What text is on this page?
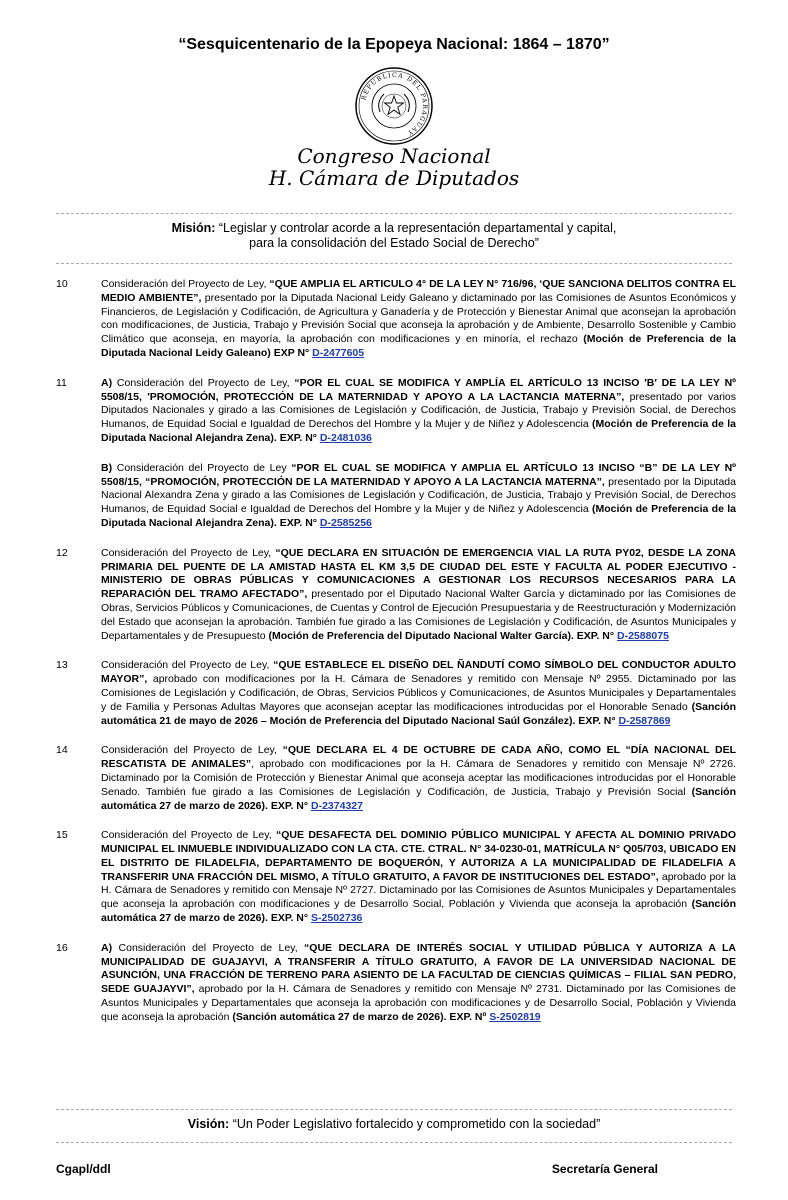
“Sesquicentenario de la Epopeya Nacional: 1864 – 1870”
REPUBLICA DEL PARAGUAY
Congreso Nacional
H. Cámara de Diputados
Misión: “Legislar y controlar acorde a la representación departamental y capital,
para la consolidación del Estado Social de Derecho”
10	Consideración del Proyecto de Ley, “QUE AMPLIA EL ARTICULO 4° DE LA LEY N° 716/96, ‘QUE SANCIONA DELITOS CONTRA EL MEDIO AMBIENTE”, presentado por la Diputada Nacional Leidy Galeano y dictaminado por las Comisiones de Asuntos Económicos y Financieros, de Legislación y Codificación, de Agricultura y Ganadería y de Protección y Bienestar Animal que aconsejan la aprobación con modificaciones, de Justicia, Trabajo y Previsión Social que aconseja la aprobación y de Ambiente, Desarrollo Sostenible y Cambio Climático que aconseja, en mayoría, la aprobación con modificaciones y en minoría, el rechazo (Moción de Preferencia de la Diputada Nacional Leidy Galeano) EXP N° D-2477605
11	A) Consideración del Proyecto de Ley, “POR EL CUAL SE MODIFICA Y AMPLÍA EL ARTÍCULO 13 INCISO ′B′ DE LA LEY Nº 5508/15, ′PROMOCIÓN, PROTECCIÓN DE LA MATERNIDAD Y APOYO A LA LACTANCIA MATERNA”, presentado por varios Diputados Nacionales y girado a las Comisiones de Legislación y Codificación, de Justicia, Trabajo y Previsión Social, de Derechos Humanos, de Equidad Social e Igualdad de Derechos del Hombre y la Mujer y de Niñez y Adolescencia (Moción de Preferencia de la Diputada Nacional Alejandra Zena). EXP. N° D-2481036
B) Consideración del Proyecto de Ley “POR EL CUAL SE MODIFICA Y AMPLIA EL ARTÍCULO 13 INCISO “B” DE LA LEY Nº 5508/15, “PROMOCIÓN, PROTECCIÓN DE LA MATERNIDAD Y APOYO A LA LACTANCIA MATERNA”, presentado por la Diputada Nacional Alexandra Zena y girado a las Comisiones de Legislación y Codificación, de Justicia, Trabajo y Previsión Social, de Derechos Humanos, de Equidad Social e Igualdad de Derechos del Hombre y la Mujer y de Niñez y Adolescencia (Moción de Preferencia de la Diputada Nacional Alejandra Zena). EXP. N° D-2585256
12	Consideración del Proyecto de Ley, “QUE DECLARA EN SITUACIÓN DE EMERGENCIA VIAL LA RUTA PY02, DESDE LA ZONA PRIMARIA DEL PUENTE DE LA AMISTAD HASTA EL KM 3,5 DE CIUDAD DEL ESTE Y FACULTA AL PODER EJECUTIVO - MINISTERIO DE OBRAS PÚBLICAS Y COMUNICACIONES A GESTIONAR LOS RECURSOS NECESARIOS PARA LA REPARACIÓN DEL TRAMO AFECTADO”, presentado por el Diputado Nacional Walter García y dictaminado por las Comisiones de Obras, Servicios Públicos y Comunicaciones, de Cuentas y Control de Ejecución Presupuestaria y de Reestructuración y Modernización del Estado que aconsejan la aprobación. También fue girado a las Comisiones de Legislación y Codificación, de Asuntos Municipales y Departamentales y de Presupuesto (Moción de Preferencia del Diputado Nacional Walter García). EXP. N° D-2588075
13	Consideración del Proyecto de Ley, “QUE ESTABLECE EL DISEÑO DEL ÑANDUTÍ COMO SÍMBOLO DEL CONDUCTOR ADULTO MAYOR”, aprobado con modificaciones por la H. Cámara de Senadores y remitido con Mensaje Nº 2955. Dictaminado por las Comisiones de Legislación y Codificación, de Obras, Servicios Públicos y Comunicaciones, de Asuntos Municipales y Departamentales y de Familia y Personas Adultas Mayores que aconsejan aceptar las modificaciones introducidas por el Honorable Senado (Sanción automática 21 de mayo de 2026 – Moción de Preferencia del Diputado Nacional Saúl González). EXP. N° D-2587869
14	Consideración del Proyecto de Ley, “QUE DECLARA EL 4 DE OCTUBRE DE CADA AÑO, COMO EL “DÍA NACIONAL DEL RESCATISTA DE ANIMALES”, aprobado con modificaciones por la H. Cámara de Senadores y remitido con Mensaje Nº 2726. Dictaminado por la Comisión de Protección y Bienestar Animal que aconseja aceptar las modificaciones introducidas por el Honorable Senado. También fue girado a las Comisiones de Legislación y Codificación, de Justicia, Trabajo y Previsión Social (Sanción automática 27 de marzo de 2026). EXP. N° D-2374327
15	Consideración del Proyecto de Ley, “QUE DESAFECTA DEL DOMINIO PÚBLICO MUNICIPAL Y AFECTA AL DOMINIO PRIVADO MUNICIPAL EL INMUEBLE INDIVIDUALIZADO CON LA CTA. CTE. CTRAL. N° 34-0230-01, MATRÍCULA N° Q05/703, UBICADO EN EL DISTRITO DE FILADELFIA, DEPARTAMENTO DE BOQUERÓN, Y AUTORIZA A LA MUNICIPALIDAD DE FILADELFIA A TRANSFERIR UNA FRACCIÓN DEL MISMO, A TÍTULO GRATUITO, A FAVOR DE INSTITUCIONES DEL ESTADO”, aprobado por la H. Cámara de Senadores y remitido con Mensaje Nº 2727. Dictaminado por las Comisiones de Asuntos Municipales y Departamentales que aconseja la aprobación con modificaciones y de Desarrollo Social, Población y Vivienda que aconseja la aprobación (Sanción automática 27 de marzo de 2026). EXP. N° S-2502736
16	A) Consideración del Proyecto de Ley, “QUE DECLARA DE INTERÉS SOCIAL Y UTILIDAD PÚBLICA Y AUTORIZA A LA MUNICIPALIDAD DE GUAJAYVI, A TRANSFERIR A TÍTULO GRATUITO, A FAVOR DE LA UNIVERSIDAD NACIONAL DE ASUNCIÓN, UNA FRACCIÓN DE TERRENO PARA ASIENTO DE LA FACULTAD DE CIENCIAS QUÍMICAS – FILIAL SAN PEDRO, SEDE GUAJAYVI”, aprobado por la H. Cámara de Senadores y remitido con Mensaje Nº 2731. Dictaminado por las Comisiones de Asuntos Municipales y Departamentales que aconseja la aprobación con modificaciones y de Desarrollo Social, Población y Vivienda que aconseja la aprobación (Sanción automática 27 de marzo de 2026). EXP. Nº S-2502819
Visión: “Un Poder Legislativo fortalecido y comprometido con la sociedad”
Cgapl/ddl	Secretaría General
